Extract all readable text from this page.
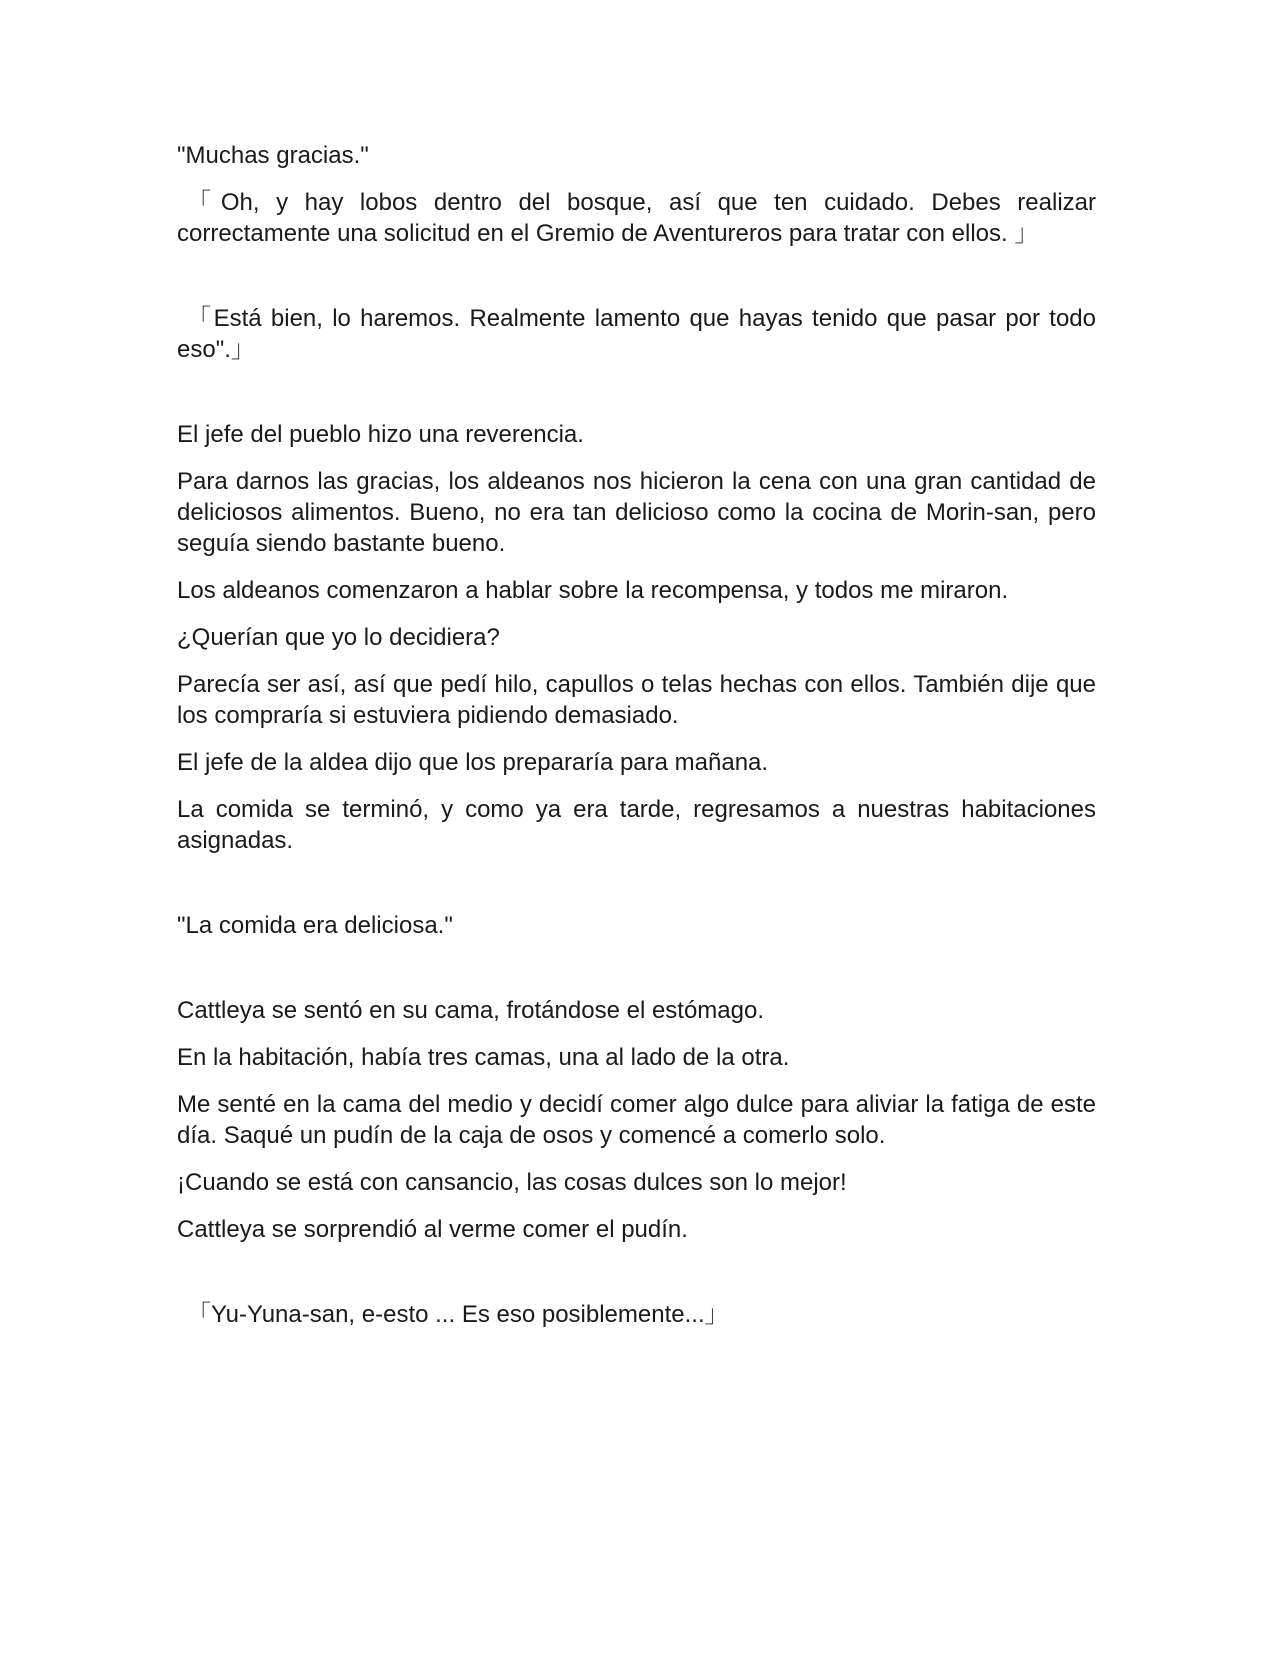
"Muchas gracias."

「Oh, y hay lobos dentro del bosque, así que ten cuidado. Debes realizar correctamente una solicitud en el Gremio de Aventureros para tratar con ellos. 」

「Está bien, lo haremos. Realmente lamento que hayas tenido que pasar por todo eso".」

El jefe del pueblo hizo una reverencia.

Para darnos las gracias, los aldeanos nos hicieron la cena con una gran cantidad de deliciosos alimentos. Bueno, no era tan delicioso como la cocina de Morin-san, pero seguía siendo bastante bueno.

Los aldeanos comenzaron a hablar sobre la recompensa, y todos me miraron.

¿Querían que yo lo decidiera?

Parecía ser así, así que pedí hilo, capullos o telas hechas con ellos. También dije que los compraría si estuviera pidiendo demasiado.

El jefe de la aldea dijo que los prepararía para mañana.

La comida se terminó, y como ya era tarde, regresamos a nuestras habitaciones asignadas.

"La comida era deliciosa."

Cattleya se sentó en su cama, frotándose el estómago.

En la habitación, había tres camas, una al lado de la otra.

Me senté en la cama del medio y decidí comer algo dulce para aliviar la fatiga de este día. Saqué un pudín de la caja de osos y comencé a comerlo solo.

¡Cuando se está con cansancio, las cosas dulces son lo mejor!

Cattleya se sorprendió al verme comer el pudín.

「Yu-Yuna-san, e-esto ... Es eso posiblemente...」
